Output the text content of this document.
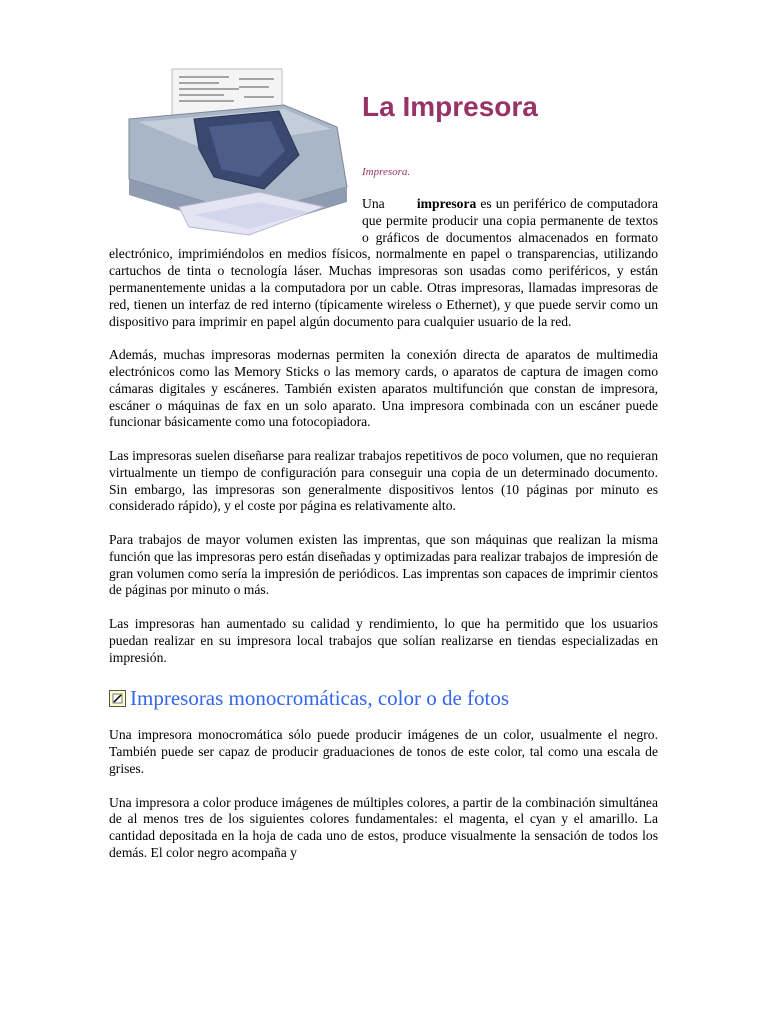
La Impresora
Impresora.

Una impresora es un periférico de computadora que permite producir una copia permanente de textos o gráficos de documentos almacenados en formato electrónico, imprimiéndolos en medios físicos, normalmente en papel o transparencias, utilizando cartuchos de tinta o tecnología láser. Muchas impresoras son usadas como periféricos, y están permanentemente unidas a la computadora por un cable. Otras impresoras, llamadas impresoras de red, tienen un interfaz de red interno (típicamente wireless o Ethernet), y que puede servir como un dispositivo para imprimir en papel algún documento para cualquier usuario de la red.

Además, muchas impresoras modernas permiten la conexión directa de aparatos de multimedia electrónicos como las Memory Sticks o las memory cards, o aparatos de captura de imagen como cámaras digitales y escáneres. También existen aparatos multifunción que constan de impresora, escáner o máquinas de fax en un solo aparato. Una impresora combinada con un escáner puede funcionar básicamente como una fotocopiadora.

Las impresoras suelen diseñarse para realizar trabajos repetitivos de poco volumen, que no requieran virtualmente un tiempo de configuración para conseguir una copia de un determinado documento. Sin embargo, las impresoras son generalmente dispositivos lentos (10 páginas por minuto es considerado rápido), y el coste por página es relativamente alto.

Para trabajos de mayor volumen existen las imprentas, que son máquinas que realizan la misma función que las impresoras pero están diseñadas y optimizadas para realizar trabajos de impresión de gran volumen como sería la impresión de periódicos. Las imprentas son capaces de imprimir cientos de páginas por minuto o más.

Las impresoras han aumentado su calidad y rendimiento, lo que ha permitido que los usuarios puedan realizar en su impresora local trabajos que solían realizarse en tiendas especializadas en impresión.

Impresoras monocromáticas, color o de fotos

Una impresora monocromática sólo puede producir imágenes de un color, usualmente el negro. También puede ser capaz de producir graduaciones de tonos de este color, tal como una escala de grises.

Una impresora a color produce imágenes de múltiples colores, a partir de la combinación simultánea de al menos tres de los siguientes colores fundamentales: el magenta, el cyan y el amarillo. La cantidad depositada en la hoja de cada uno de estos, produce visualmente la sensación de todos los demás. El color negro acompaña y
